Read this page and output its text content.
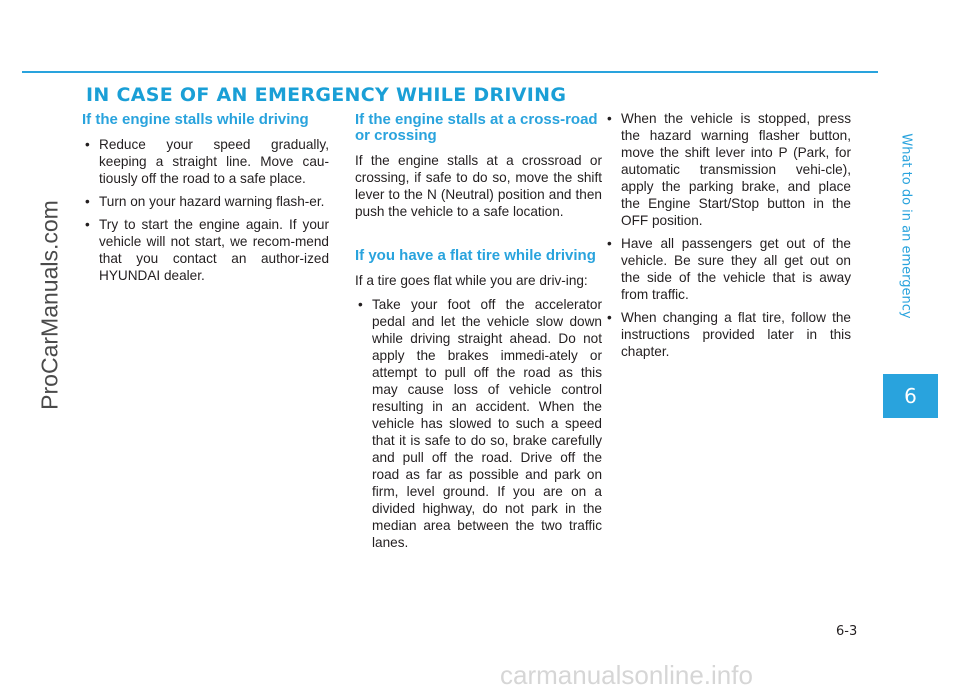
IN CASE OF AN EMERGENCY WHILE DRIVING
If the engine stalls while driving
• Reduce your speed gradually, keeping a straight line. Move cau-tiously off the road to a safe place.
• Turn on your hazard warning flash-er.
• Try to start the engine again. If your vehicle will not start, we recom-mend that you contact an author-ized HYUNDAI dealer.
If the engine stalls at a cross-road or crossing

If the engine stalls at a crossroad or crossing, if safe to do so, move the shift lever to the N (Neutral) position and then push the vehicle to a safe location.

If you have a flat tire while driving

If a tire goes flat while you are driv-ing:

• Take your foot off the accelerator pedal and let the vehicle slow down while driving straight ahead. Do not apply the brakes immedi-ately or attempt to pull off the road as this may cause loss of vehicle control resulting in an accident. When the vehicle has slowed to such a speed that it is safe to do so, brake carefully and pull off the road. Drive off the road as far as possible and park on firm, level ground. If you are on a divided highway, do not park in the median area between the two traffic lanes.
• When the vehicle is stopped, press the hazard warning flasher button, move the shift lever into P (Park, for automatic transmission vehi-cle), apply the parking brake, and place the Engine Start/Stop button in the OFF position.
• Have all passengers get out of the vehicle. Be sure they all get out on the side of the vehicle that is away from traffic.
• When changing a flat tire, follow the instructions provided later in this chapter.
What to do in an emergency
6
6-3
ProCarManuals.com
carmanualsonline.info
